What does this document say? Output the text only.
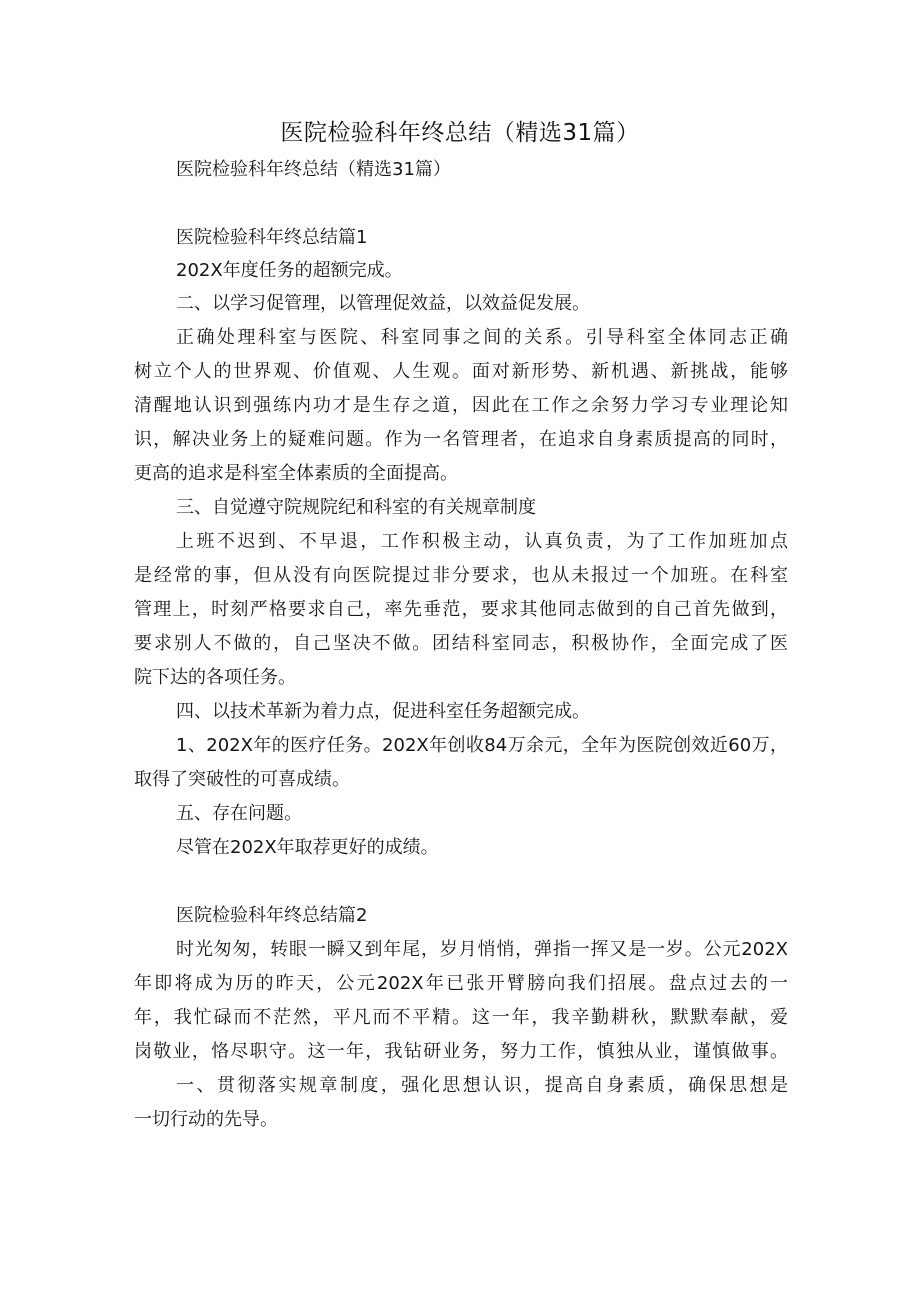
医院检验科年终总结（精选31篇）
医院检验科年终总结（精选31篇）
医院检验科年终总结篇1
202X年度任务的超额完成。
二、以学习促管理，以管理促效益，以效益促发展。
正确处理科室与医院、科室同事之间的关系。引导科室全体同志正确
树立个人的世界观、价值观、人生观。面对新形势、新机遇、新挑战，能够
清醒地认识到强练内功才是生存之道，因此在工作之余努力学习专业理论知
识，解决业务上的疑难问题。作为一名管理者，在追求自身素质提高的同时，
更高的追求是科室全体素质的全面提高。
三、自觉遵守院规院纪和科室的有关规章制度
上班不迟到、不早退，工作积极主动，认真负责，为了工作加班加点
是经常的事，但从没有向医院提过非分要求，也从未报过一个加班。在科室
管理上，时刻严格要求自己，率先垂范，要求其他同志做到的自己首先做到，
要求别人不做的，自己坚决不做。团结科室同志，积极协作，全面完成了医
院下达的各项任务。
四、以技术革新为着力点，促进科室任务超额完成。
1、202X年的医疗任务。202X年创收84万余元，全年为医院创效近60万，
取得了突破性的可喜成绩。
五、存在问题。
尽管在202X年取荐更好的成绩。
医院检验科年终总结篇2
时光匆匆，转眼一瞬又到年尾，岁月悄悄，弹指一挥又是一岁。公元202X
年即将成为历的昨天，公元202X年已张开臂膀向我们招展。盘点过去的一
年，我忙碌而不茫然，平凡而不平精。这一年，我辛勤耕秋，默默奉献，爱
岗敬业，恪尽职守。这一年，我钻研业务，努力工作，慎独从业，谨慎做事。
一、贯彻落实规章制度，强化思想认识，提高自身素质，确保思想是
一切行动的先导。
